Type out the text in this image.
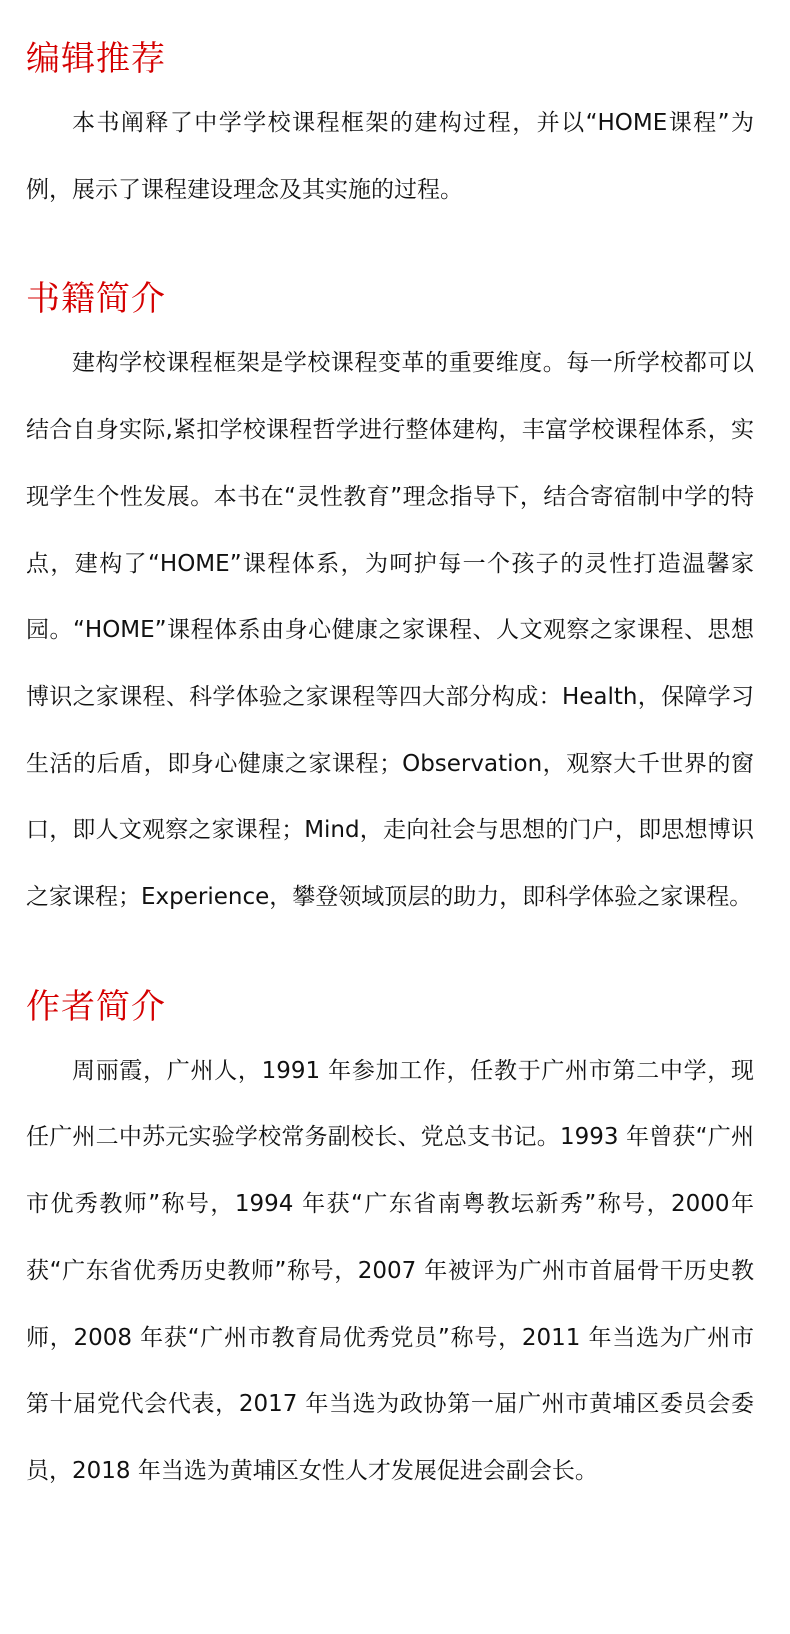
编辑推荐

本书阐释了中学学校课程框架的建构过程，并以“HOME课程”为例，展示了课程建设理念及其实施的过程。

书籍简介

建构学校课程框架是学校课程变革的重要维度。每一所学校都可以结合自身实际,紧扣学校课程哲学进行整体建构，丰富学校课程体系，实现学生个性发展。本书在“灵性教育”理念指导下，结合寄宿制中学的特点，建构了“HOME”课程体系，为呵护每一个孩子的灵性打造温馨家园。“HOME”课程体系由身心健康之家课程、人文观察之家课程、思想博识之家课程、科学体验之家课程等四大部分构成：Health，保障学习生活的后盾，即身心健康之家课程；Observation，观察大千世界的窗口，即人文观察之家课程；Mind，走向社会与思想的门户，即思想博识之家课程；Experience，攀登领域顶层的助力，即科学体验之家课程。

作者简介

周丽霞，广州人，1991 年参加工作，任教于广州市第二中学，现任广州二中苏元实验学校常务副校长、党总支书记。1993 年曾获“广州市优秀教师”称号，1994 年获“广东省南粤教坛新秀”称号，2000年获“广东省优秀历史教师”称号，2007 年被评为广州市首届骨干历史教师，2008 年获“广州市教育局优秀党员”称号，2011 年当选为广州市第十届党代会代表，2017 年当选为政协第一届广州市黄埔区委员会委员，2018 年当选为黄埔区女性人才发展促进会副会长。
